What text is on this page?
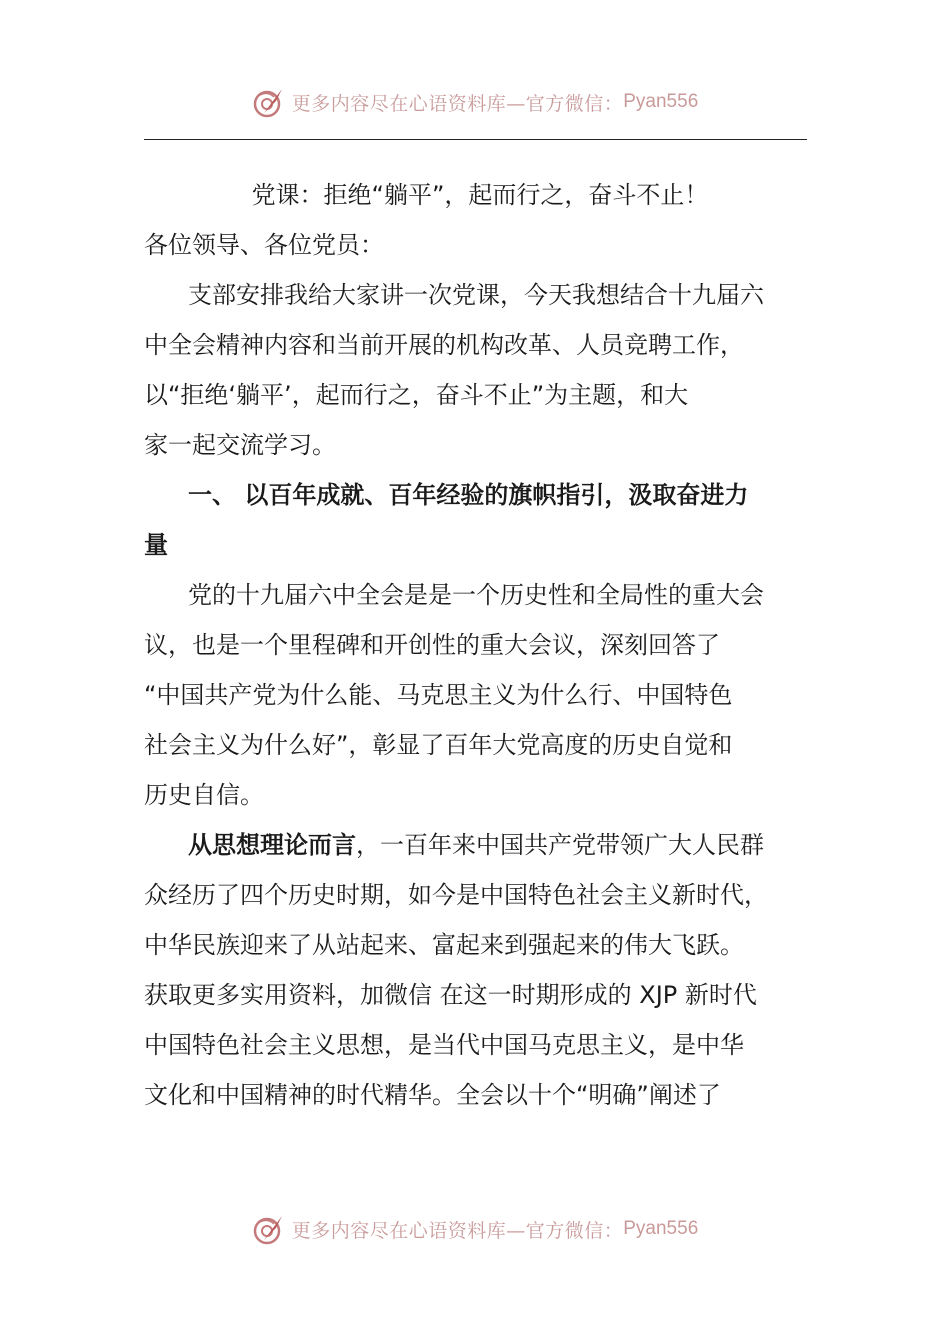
更多内容尽在心语资料库—官方微信： Pyan556
党课：拒绝“躺平”，起而行之，奋斗不止！

各位领导、各位党员：

支部安排我给大家讲一次党课，今天我想结合十九届六
中全会精神内容和当前开展的机构改革、人员竞聘工作，
以“拒绝‘躺平’，起而行之，奋斗不止”为主题，和大
家一起交流学习。
一、 以百年成就、百年经验的旗帜指引，汲取奋进力
量
党的十九届六中全会是是一个历史性和全局性的重大会
议，也是一个里程碑和开创性的重大会议，深刻回答了
“中国共产党为什么能、马克思主义为什么行、中国特色
社会主义为什么好”，彰显了百年大党高度的历史自觉和
历史自信。
从思想理论而言，一百年来中国共产党带领广大人民群
众经历了四个历史时期，如今是中国特色社会主义新时代，
中华民族迎来了从站起来、富起来到强起来的伟大飞跃。
获取更多实用资料，加微信 在这一时期形成的 XJP 新时代
中国特色社会主义思想，是当代中国马克思主义，是中华
文化和中国精神的时代精华。全会以十个“明确”阐述了
更多内容尽在心语资料库—官方微信： Pyan556
